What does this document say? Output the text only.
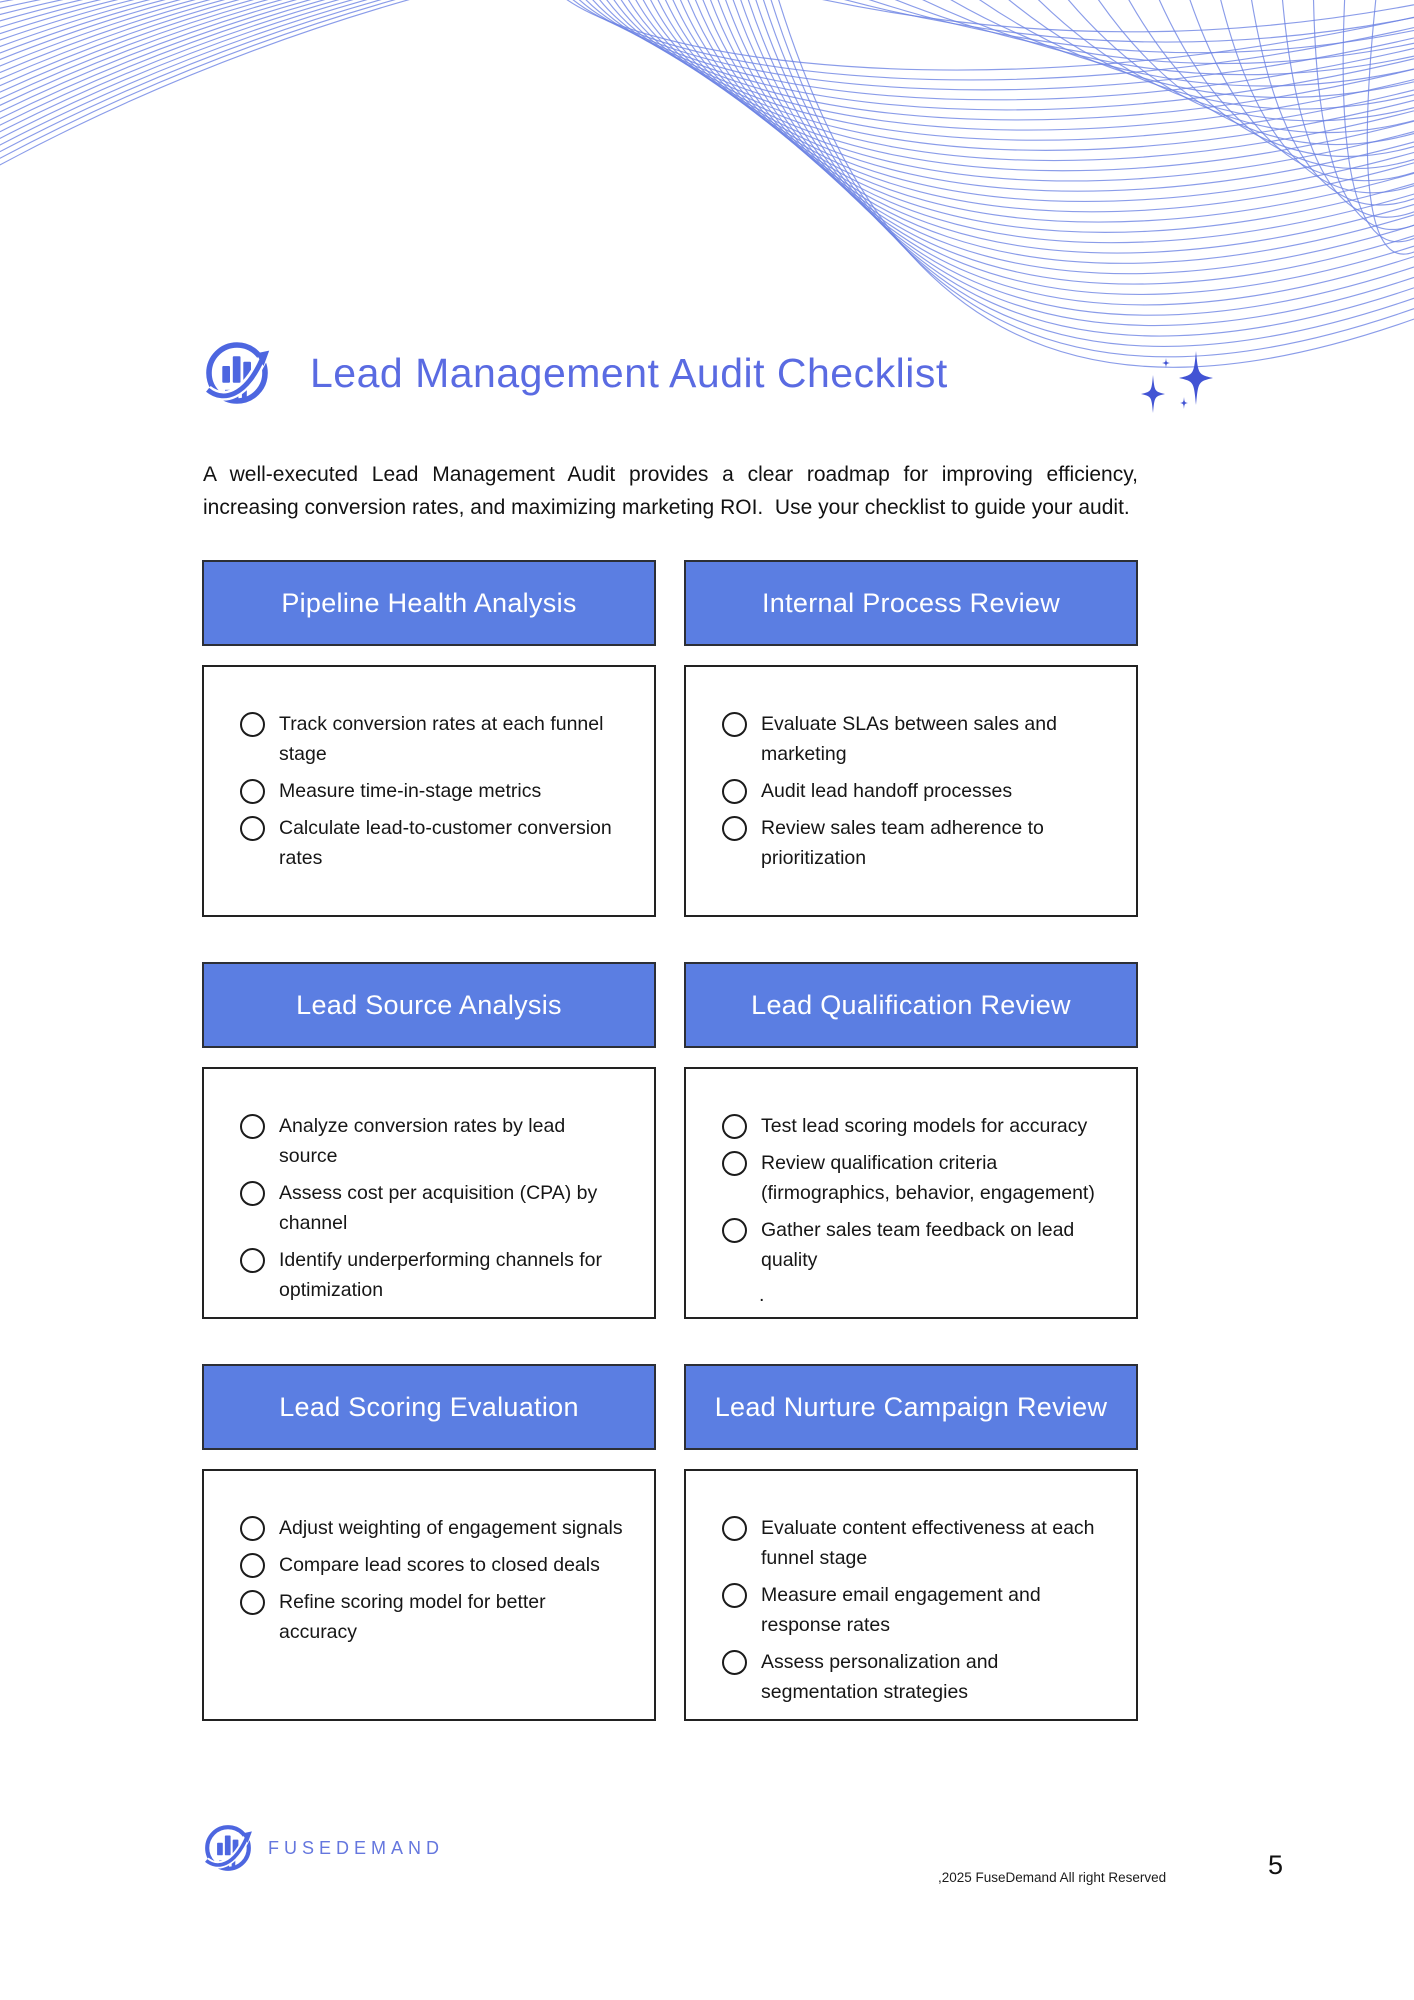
Lead Management Audit Checklist

A well-executed Lead Management Audit provides a clear roadmap for improving efficiency, increasing conversion rates, and maximizing marketing ROI.  Use your checklist to guide your audit.

Pipeline Health Analysis
Track conversion rates at each funnel stage
Measure time-in-stage metrics
Calculate lead-to-customer conversion rates
Internal Process Review
Evaluate SLAs between sales and marketing
Audit lead handoff processes
Review sales team adherence to prioritization
Lead Source Analysis
Analyze conversion rates by lead source
Assess cost per acquisition (CPA) by channel
Identify underperforming channels for optimization
Lead Qualification Review
Test lead scoring models for accuracy
Review qualification criteria (firmographics, behavior, engagement)
Gather sales team feedback on lead quality
.
Lead Scoring Evaluation
Adjust weighting of engagement signals
Compare lead scores to closed deals
Refine scoring model for better accuracy
Lead Nurture Campaign Review
Evaluate content effectiveness at each funnel stage
Measure email engagement and response rates
Assess personalization and segmentation strategies
FUSEDEMAND
,2025 FuseDemand All right Reserved	5
